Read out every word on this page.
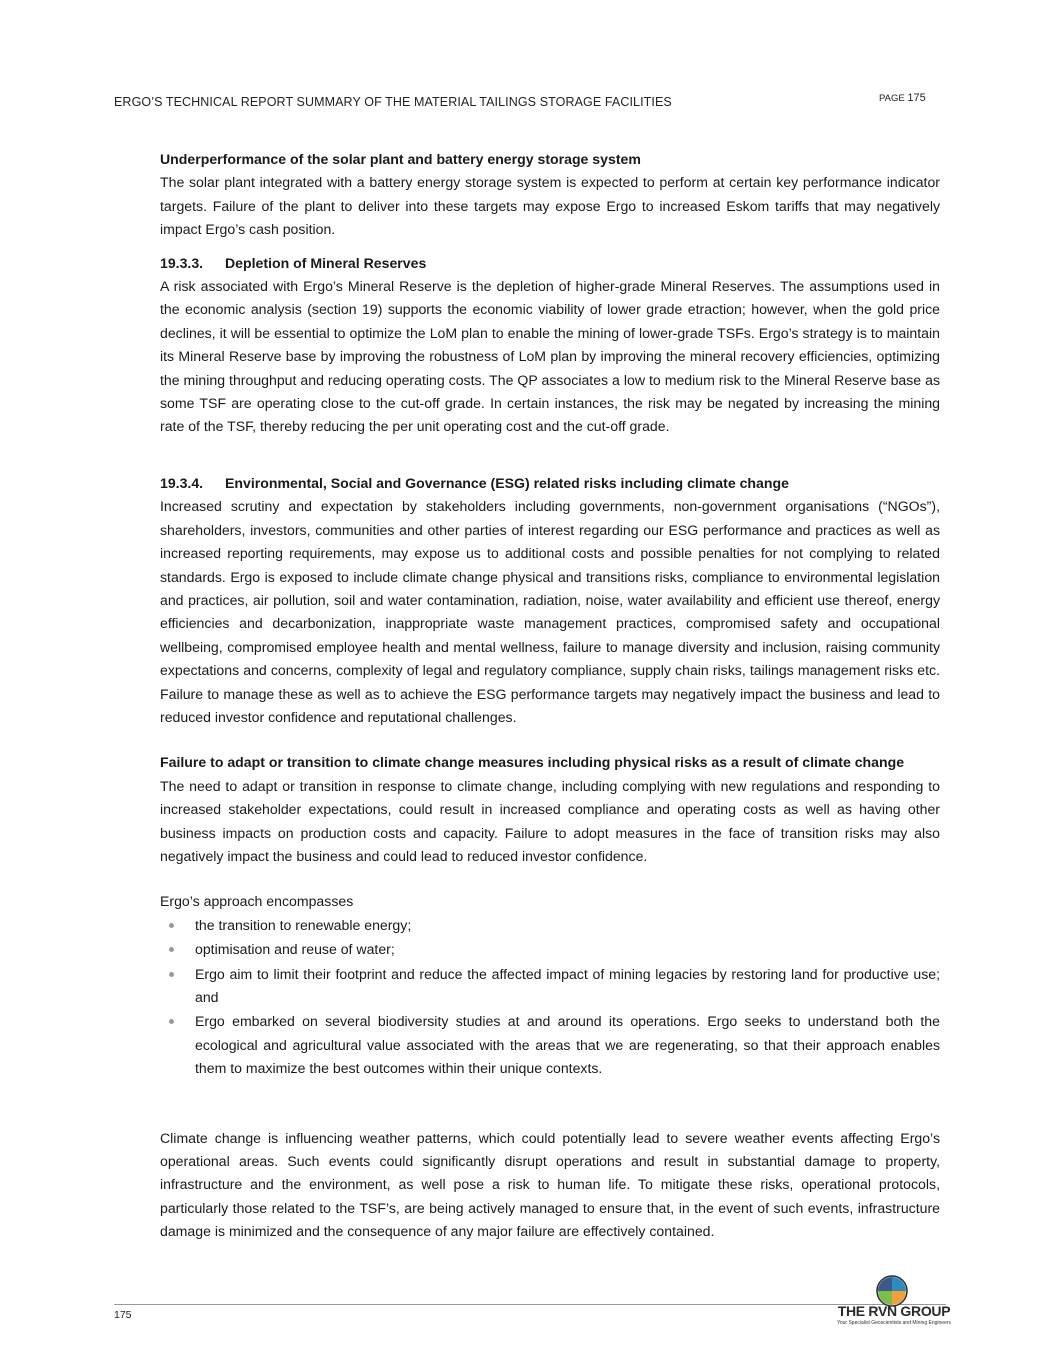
ERGO’S TECHNICAL REPORT SUMMARY OF THE MATERIAL TAILINGS STORAGE FACILITIES	PAGE 175

Underperformance of the solar plant and battery energy storage system

The solar plant integrated with a battery energy storage system is expected to perform at certain key performance indicator targets. Failure of the plant to deliver into these targets may expose Ergo to increased Eskom tariffs that may negatively impact Ergo’s cash position.

19.3.3. Depletion of Mineral Reserves

A risk associated with Ergo’s Mineral Reserve is the depletion of higher-grade Mineral Reserves. The assumptions used in the economic analysis (section 19) supports the economic viability of lower grade etraction; however, when the gold price declines, it will be essential to optimize the LoM plan to enable the mining of lower-grade TSFs. Ergo’s strategy is to maintain its Mineral Reserve base by improving the robustness of LoM plan by improving the mineral recovery efficiencies, optimizing the mining throughput and reducing operating costs. The QP associates a low to medium risk to the Mineral Reserve base as some TSF are operating close to the cut-off grade. In certain instances, the risk may be negated by increasing the mining rate of the TSF, thereby reducing the per unit operating cost and the cut-off grade.

19.3.4. Environmental, Social and Governance (ESG) related risks including climate change

Increased scrutiny and expectation by stakeholders including governments, non-government organisations (“NGOs”), shareholders, investors, communities and other parties of interest regarding our ESG performance and practices as well as increased reporting requirements, may expose us to additional costs and possible penalties for not complying to related standards. Ergo is exposed to include climate change physical and transitions risks, compliance to environmental legislation and practices, air pollution, soil and water contamination, radiation, noise, water availability and efficient use thereof, energy efficiencies and decarbonization, inappropriate waste management practices, compromised safety and occupational wellbeing, compromised employee health and mental wellness, failure to manage diversity and inclusion, raising community expectations and concerns, complexity of legal and regulatory compliance, supply chain risks, tailings management risks etc. Failure to manage these as well as to achieve the ESG performance targets may negatively impact the business and lead to reduced investor confidence and reputational challenges.

Failure to adapt or transition to climate change measures including physical risks as a result of climate change

The need to adapt or transition in response to climate change, including complying with new regulations and responding to increased stakeholder expectations, could result in increased compliance and operating costs as well as having other business impacts on production costs and capacity. Failure to adopt measures in the face of transition risks may also negatively impact the business and could lead to reduced investor confidence.

Ergo’s approach encompasses

the transition to renewable energy;
optimisation and reuse of water;
Ergo aim to limit their footprint and reduce the affected impact of mining legacies by restoring land for productive use; and
Ergo embarked on several biodiversity studies at and around its operations. Ergo seeks to understand both the ecological and agricultural value associated with the areas that we are regenerating, so that their approach enables them to maximize the best outcomes within their unique contexts.

Climate change is influencing weather patterns, which could potentially lead to severe weather events affecting Ergo’s operational areas. Such events could significantly disrupt operations and result in substantial damage to property, infrastructure and the environment, as well pose a risk to human life. To mitigate these risks, operational protocols, particularly those related to the TSF’s, are being actively managed to ensure that, in the event of such events, infrastructure damage is minimized and the consequence of any major failure are effectively contained.

175	THE RVN GROUP
Your Specialist Geoscientists and Mining Engineers
